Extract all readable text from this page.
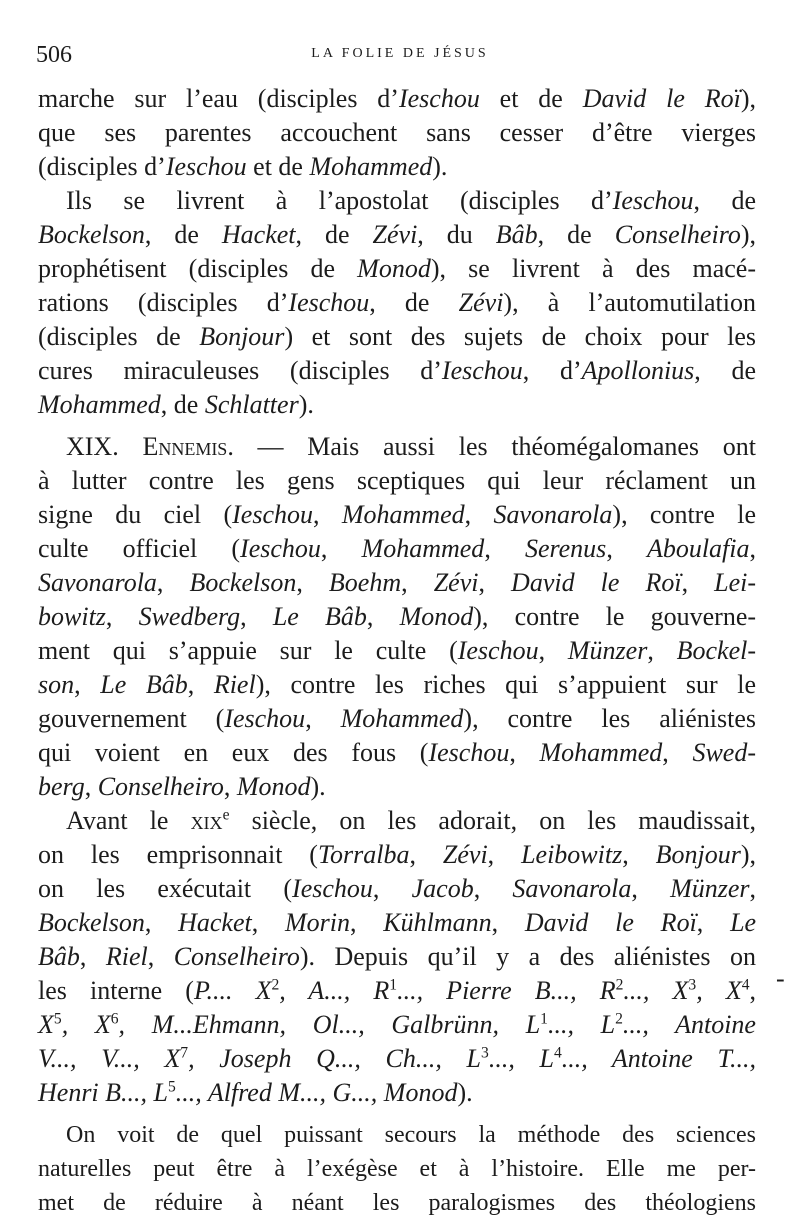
506	LA FOLIE DE JÉSUS
marche sur l’eau (disciples d’Ieschou et de David le Roï),
que ses parentes accouchent sans cesser d’être vierges
(disciples d’Ieschou et de Mohammed).
Ils se livrent à l’apostolat (disciples d’Ieschou, de
Bockelson, de Hacket, de Zévi, du Bâb, de Conselheiro),
prophétisent (disciples de Monod), se livrent à des macé-
rations (disciples d’Ieschou, de Zévi), à l’automutilation
(disciples de Bonjour) et sont des sujets de choix pour les
cures miraculeuses (disciples d’Ieschou, d’Apollonius, de
Mohammed, de Schlatter).
XIX. Ennemis. — Mais aussi les théomégalomanes ont
à lutter contre les gens sceptiques qui leur réclament un
signe du ciel (Ieschou, Mohammed, Savonarola), contre le
culte officiel (Ieschou, Mohammed, Serenus, Aboulafia,
Savonarola, Bockelson, Boehm, Zévi, David le Roï, Lei-
bowitz, Swedberg, Le Bâb, Monod), contre le gouverne-
ment qui s’appuie sur le culte (Ieschou, Münzer, Bockel-
son, Le Bâb, Riel), contre les riches qui s’appuient sur le
gouvernement (Ieschou, Mohammed), contre les aliénistes
qui voient en eux des fous (Ieschou, Mohammed, Swed-
berg, Conselheiro, Monod).
Avant le xix$^e$ siècle, on les adorait, on les maudissait,
on les emprisonnait (Torralba, Zévi, Leibowitz, Bonjour),
on les exécutait (Ieschou, Jacob, Savonarola, Münzer,
Bockelson, Hacket, Morin, Kühlmann, David le Roï, Le
Bâb, Riel, Conselheiro). Depuis qu’il y a des aliénistes on
les interne (P.... $X^2$, A..., $R^1$..., Pierre B..., $R^2$..., $X^3$, $X^4$,
$X^5$, $X^6$, M...Ehmann, Ol..., Galbrünn, $L^1$..., $L^2$..., Antoine
V..., V..., $X^7$, Joseph Q..., Ch..., $L^3$..., $L^4$..., Antoine T...,
Henri B..., $L^5$..., Alfred M..., G..., Monod).
On voit de quel puissant secours la méthode des sciences
naturelles peut être à l’exégèse et à l’histoire. Elle me per-
met de réduire à néant les paralogismes des théologiens
-
